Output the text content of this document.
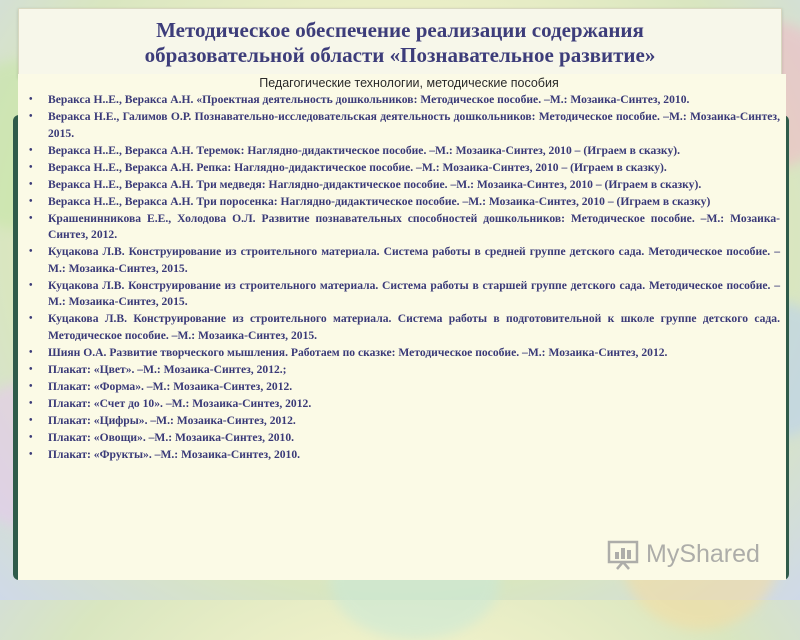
Методическое обеспечение реализации содержания
образовательной области «Познавательное развитие»
Педагогические технологии, методические пособия
• Веракса Н..Е., Веракса А.Н. «Проектная деятельность дошкольников: Методическое пособие. –М.: Мозаика-Синтез, 2010.
• Веракса Н.Е., Галимов О.Р. Познавательно-исследовательская деятельность дошкольников: Методическое пособие. –М.: Мозаика-Синтез, 2015.
• Веракса Н..Е., Веракса А.Н. Теремок: Наглядно-дидактическое пособие. –М.: Мозаика-Синтез, 2010 – (Играем в сказку).
• Веракса Н..Е., Веракса А.Н. Репка: Наглядно-дидактическое пособие. –М.: Мозаика-Синтез, 2010 – (Играем в сказку).
• Веракса Н..Е., Веракса А.Н. Три медведя: Наглядно-дидактическое пособие. –М.: Мозаика-Синтез, 2010 – (Играем в сказку).
• Веракса Н..Е., Веракса А.Н. Три поросенка: Наглядно-дидактическое пособие. –М.: Мозаика-Синтез, 2010 – (Играем в сказку)
• Крашенинникова Е.Е., Холодова О.Л. Развитие познавательных способностей дошкольников: Методическое пособие. –М.: Мозаика-Синтез, 2012.
• Куцакова Л.В. Конструирование из строительного материала. Система работы в средней группе детского сада. Методическое пособие. –М.: Мозаика-Синтез, 2015.
• Куцакова Л.В. Конструирование из строительного материала. Система работы в старшей группе детского сада. Методическое пособие. –М.: Мозаика-Синтез, 2015.
• Куцакова Л.В. Конструирование из строительного материала. Система работы в подготовительной к школе группе детского сада. Методическое пособие. –М.: Мозаика-Синтез, 2015.
• Шиян О.А. Развитие творческого мышления. Работаем по сказке: Методическое пособие. –М.: Мозаика-Синтез, 2012.
• Плакат: «Цвет». –М.: Мозаика-Синтез, 2012.;
• Плакат: «Форма». –М.: Мозаика-Синтез, 2012.
• Плакат: «Счет до 10». –М.: Мозаика-Синтез, 2012.
• Плакат: «Цифры». –М.: Мозаика-Синтез, 2012.
• Плакат: «Овощи». –М.: Мозаика-Синтез, 2010.
• Плакат: «Фрукты». –М.: Мозаика-Синтез, 2010.
MyShared
